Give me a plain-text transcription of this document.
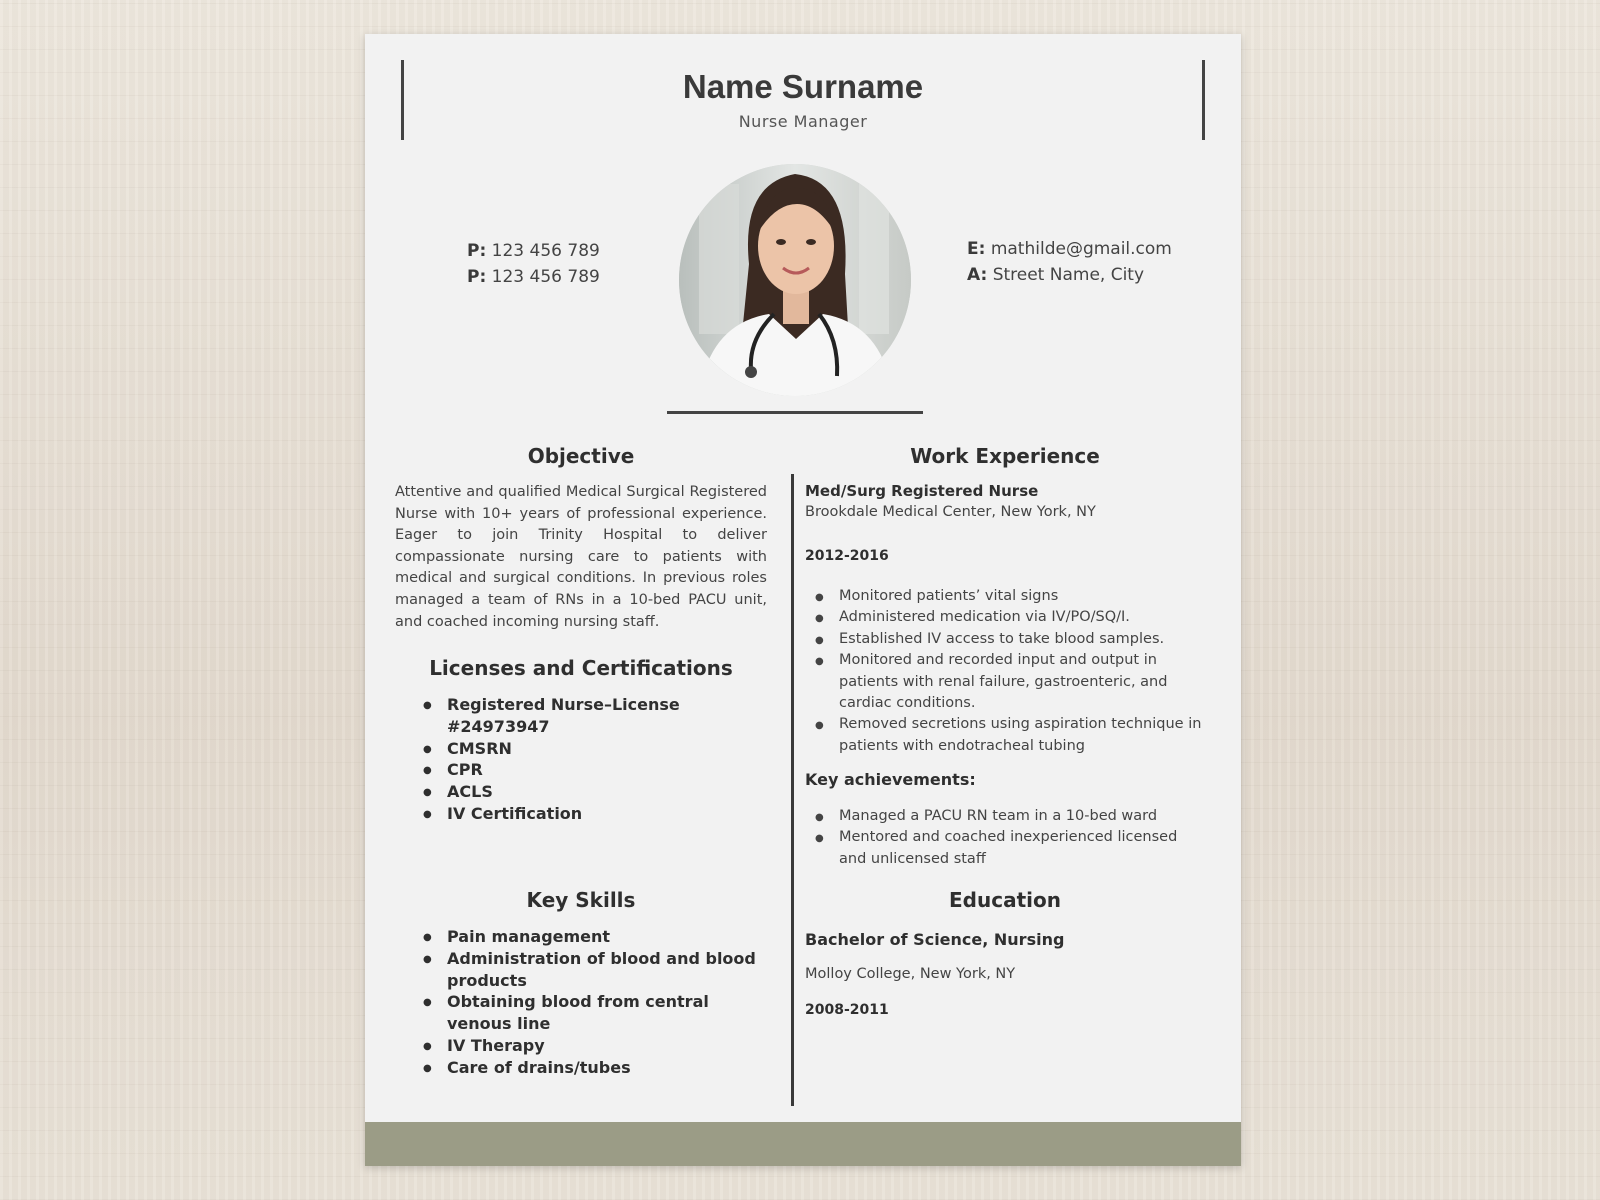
Name Surname
Nurse Manager
P: 123 456 789
P: 123 456 789
E: mathilde@gmail.com
A: Street Name, City
Objective
Attentive and qualified Medical Surgical Registered Nurse with 10+ years of professional experience. Eager to join Trinity Hospital to deliver compassionate nursing care to patients with medical and surgical conditions. In previous roles managed a team of RNs in a 10-bed PACU unit, and coached incoming nursing staff.
Licenses and Certifications
● Registered Nurse–License #24973947
● CMSRN
● CPR
● ACLS
● IV Certification
Key Skills
● Pain management
● Administration of blood and blood products
● Obtaining blood from central venous line
● IV Therapy
● Care of drains/tubes
Work Experience
Med/Surg Registered Nurse
Brookdale Medical Center, New York, NY
2012-2016
● Monitored patients’ vital signs
● Administered medication via IV/PO/SQ/I.
● Established IV access to take blood samples.
● Monitored and recorded input and output in patients with renal failure, gastroenteric, and cardiac conditions.
● Removed secretions using aspiration technique in patients with endotracheal tubing
Key achievements:
● Managed a PACU RN team in a 10-bed ward
● Mentored and coached inexperienced licensed and unlicensed staff
Education
Bachelor of Science, Nursing
Molloy College, New York, NY
2008-2011
